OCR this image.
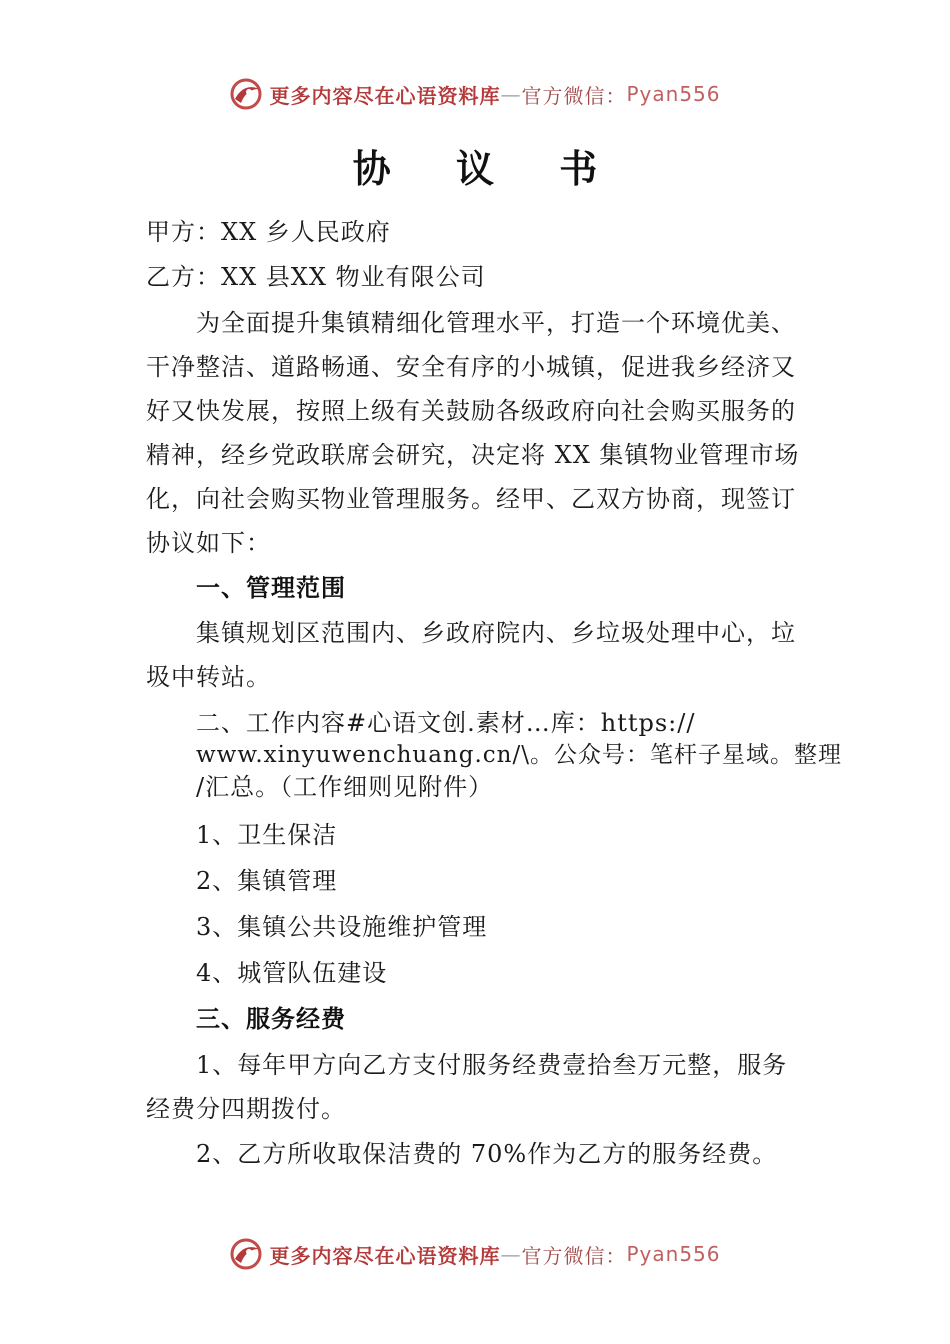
更多内容尽在心语资料库 — 官方微信： Pyan556
协 议 书
甲方：XX 乡人民政府
乙方：XX 县XX 物业有限公司
为全面提升集镇精细化管理水平，打造一个环境优美、
干净整洁、道路畅通、安全有序的小城镇，促进我乡经济又
好又快发展，按照上级有关鼓励各级政府向社会购买服务的
精神，经乡党政联席会研究，决定将 XX 集镇物业管理市场
化，向社会购买物业管理服务。经甲、乙双方协商，现签订
协议如下：
一、管理范围
集镇规划区范围内、乡政府院内、乡垃圾处理中心，垃
圾中转站。
二、工作内容#心语文创.素材…库：https://
www.xinyuwenchuang.cn/\。公众号：笔杆子星域。整理
/汇总。（工作细则见附件）
1、卫生保洁
2、集镇管理
3、集镇公共设施维护管理
4、城管队伍建设
三、服务经费
1、每年甲方向乙方支付服务经费壹拾叁万元整，服务
经费分四期拨付。
2、乙方所收取保洁费的 70%作为乙方的服务经费。
更多内容尽在心语资料库 — 官方微信： Pyan556
